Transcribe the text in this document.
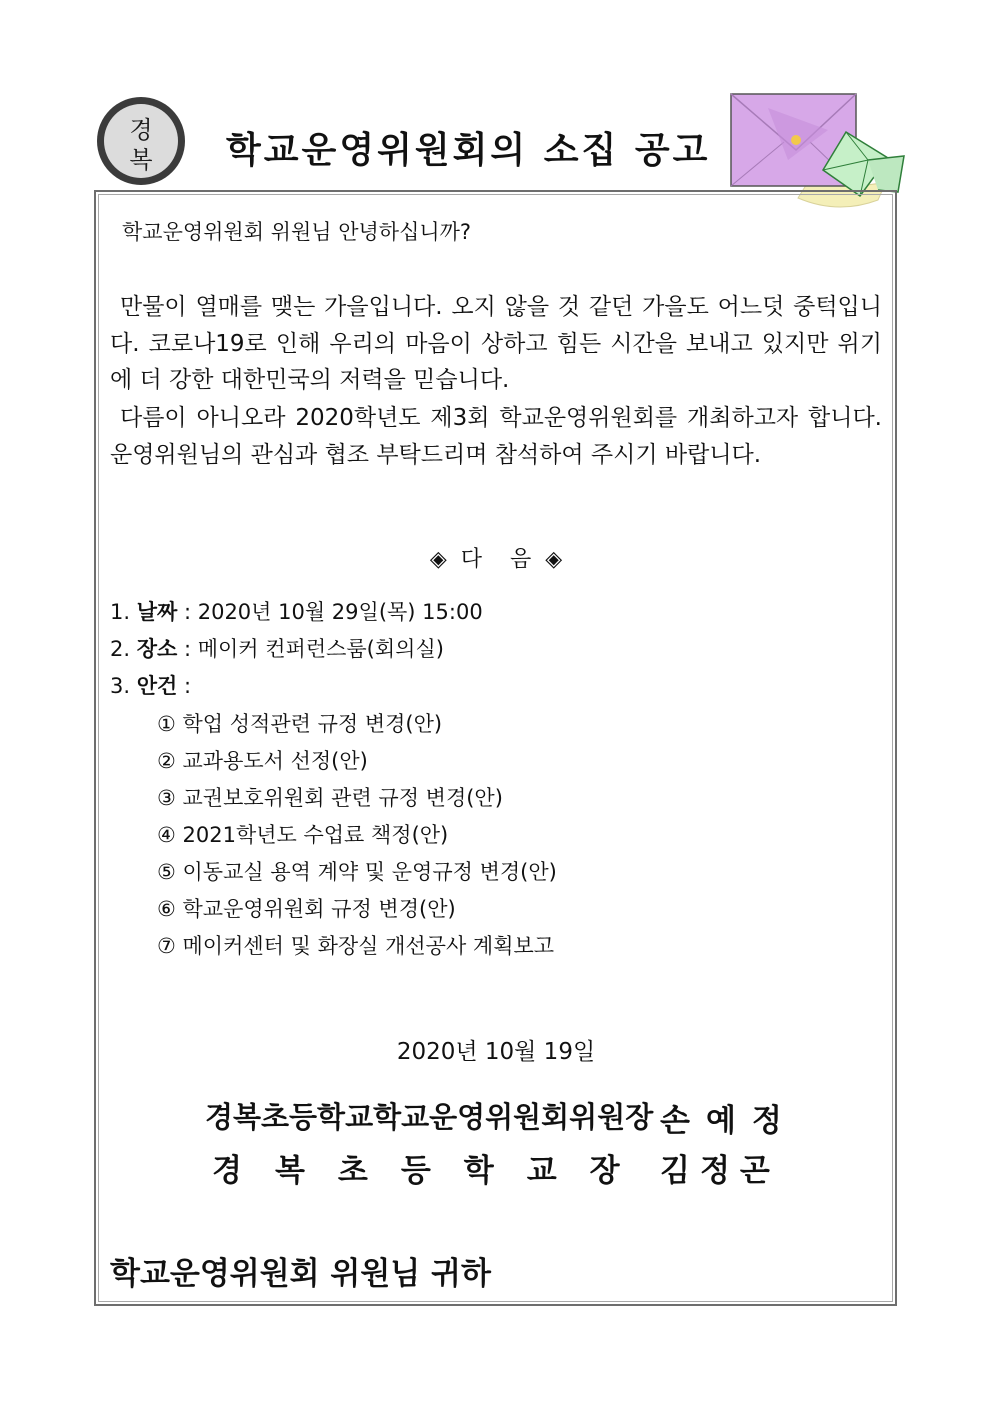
경
복 학교운영위원회의 소집 공고
학교운영위원회 위원님 안녕하십니까?
만물이 열매를 맺는 가을입니다. 오지 않을 것 같던 가을도 어느덧 중턱입니다. 코로나19로 인해 우리의 마음이 상하고 힘든 시간을 보내고 있지만 위기에 더 강한 대한민국의 저력을 믿습니다.
다름이 아니오라 2020학년도 제3회 학교운영위원회를 개최하고자 합니다. 운영위원님의 관심과 협조 부탁드리며 참석하여 주시기 바랍니다.
◈  다    음  ◈
1. 날짜 : 2020년 10월 29일(목) 15:00
2. 장소 : 메이커 컨퍼런스룸(회의실)
3. 안건 :
① 학업 성적관련 규정 변경(안)
② 교과용도서 선정(안)
③ 교권보호위원회 관련 규정 변경(안)
④ 2021학년도 수업료 책정(안)
⑤ 이동교실 용역 계약 및 운영규정 변경(안)
⑥ 학교운영위원회 규정 변경(안)
⑦ 메이커센터 및 화장실 개선공사 계획보고
2020년 10월 19일
경복초등학교학교운영위원회위원장 손예정
경복초등학교장 김정곤
학교운영위원회 위원님 귀하
